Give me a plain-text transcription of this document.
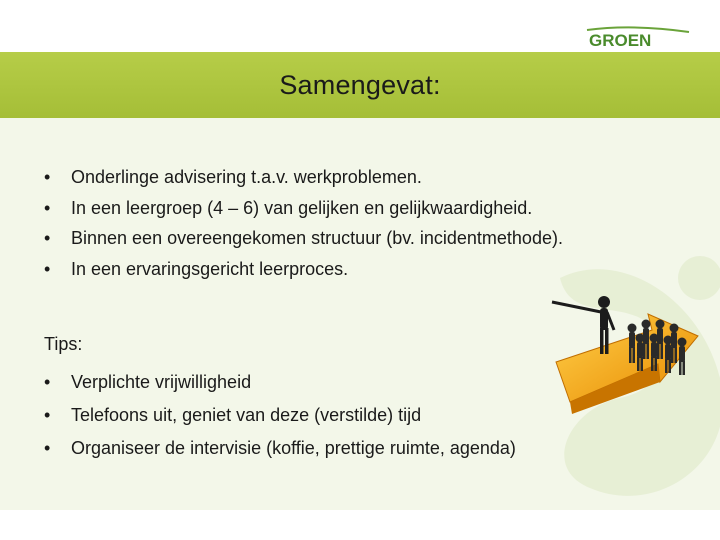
GROEN
Samengevat:
• Onderlinge advisering t.a.v. werkproblemen.
• In een leergroep (4 – 6) van gelijken en gelijkwaardigheid.
• Binnen een overeengekomen structuur (bv. incidentmethode).
• In een ervaringsgericht leerproces.
Tips:
• Verplichte vrijwilligheid
• Telefoons uit, geniet van deze (verstilde) tijd
• Organiseer de intervisie (koffie, prettige ruimte, agenda)
